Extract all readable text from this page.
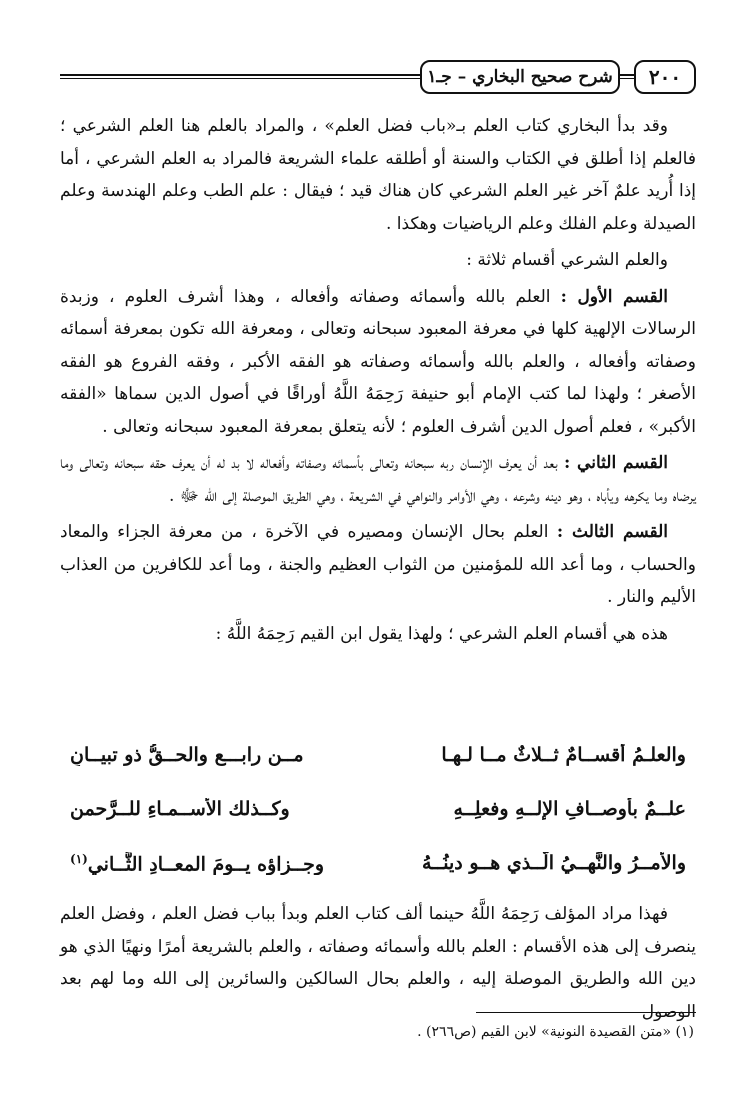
٢٠٠
شرح صحيح البخاري – جـ١

وقد بدأ البخاري كتاب العلم بـ«باب فضل العلم» ، والمراد بالعلم هنا العلم الشرعي ؛ فالعلم إذا أطلق في الكتاب والسنة أو أطلقه علماء الشريعة فالمراد به العلم الشرعي ، أما إذا أُريد علمٌ آخر غير العلم الشرعي كان هناك قيد ؛ فيقال : علم الطب وعلم الهندسة وعلم الصيدلة وعلم الفلك وعلم الرياضيات وهكذا .

والعلم الشرعي أقسام ثلاثة :

القسم الأول : العلم بالله وأسمائه وصفاته وأفعاله ، وهذا أشرف العلوم ، وزبدة الرسالات الإلهية كلها في معرفة المعبود سبحانه وتعالى ، ومعرفة الله تكون بمعرفة أسمائه وصفاته وأفعاله ، والعلم بالله وأسمائه وصفاته هو الفقه الأكبر ، وفقه الفروع هو الفقه الأصغر ؛ ولهذا لما كتب الإمام أبو حنيفة رَحِمَهُ اللَّهُ أوراقًا في أصول الدين سماها «الفقه الأكبر» ، فعلم أصول الدين أشرف العلوم ؛ لأنه يتعلق بمعرفة المعبود سبحانه وتعالى .

القسم الثاني : بعد أن يعرف الإنسان ربه سبحانه وتعالى بأسمائه وصفاته وأفعاله لا بد له أن يعرف حقه سبحانه وتعالى وما يرضاه وما يكرهه ويأباه ، وهو دينه وشرعه ، وهي الأوامر والنواهي في الشريعة ، وهي الطريق الموصلة إلى الله ﷻ .

القسم الثالث : العلم بحال الإنسان ومصيره في الآخرة ، من معرفة الجزاء والمعاد والحساب ، وما أعد الله للمؤمنين من الثواب العظيم والجنة ، وما أعد للكافرين من العذاب الأليم والنار .

هذه هي أقسام العلم الشرعي ؛ ولهذا يقول ابن القيم رَحِمَهُ اللَّهُ :

والعلـمُ أقســامٌ ثــلاثٌ مــا لـهـا
مــن رابـــعٍ والحــقُّ ذو تبيــانِ
علــمٌ بأوصــافِ الإلــهِ وفعلِــهِ
وكــذلك الأســمـاءِ للــرَّحمنِ
والأمــرُ والنَّهــيُ الَّــذي هــو دينُــهُ
وجــزاؤه يــومَ المعــادِ الثَّــاني$^{(١)}$

فهذا مراد المؤلف رَحِمَهُ اللَّهُ حينما ألف كتاب العلم وبدأ بباب فضل العلم ، وفضل العلم ينصرف إلى هذه الأقسام : العلم بالله وأسمائه وصفاته ، والعلم بالشريعة أمرًا ونهيًا الذي هو دين الله والطريق الموصلة إليه ، والعلم بحال السالكين والسائرين إلى الله وما لهم بعد الوصول

(١) «متن القصيدة النونية» لابن القيم (ص٢٦٦) .
